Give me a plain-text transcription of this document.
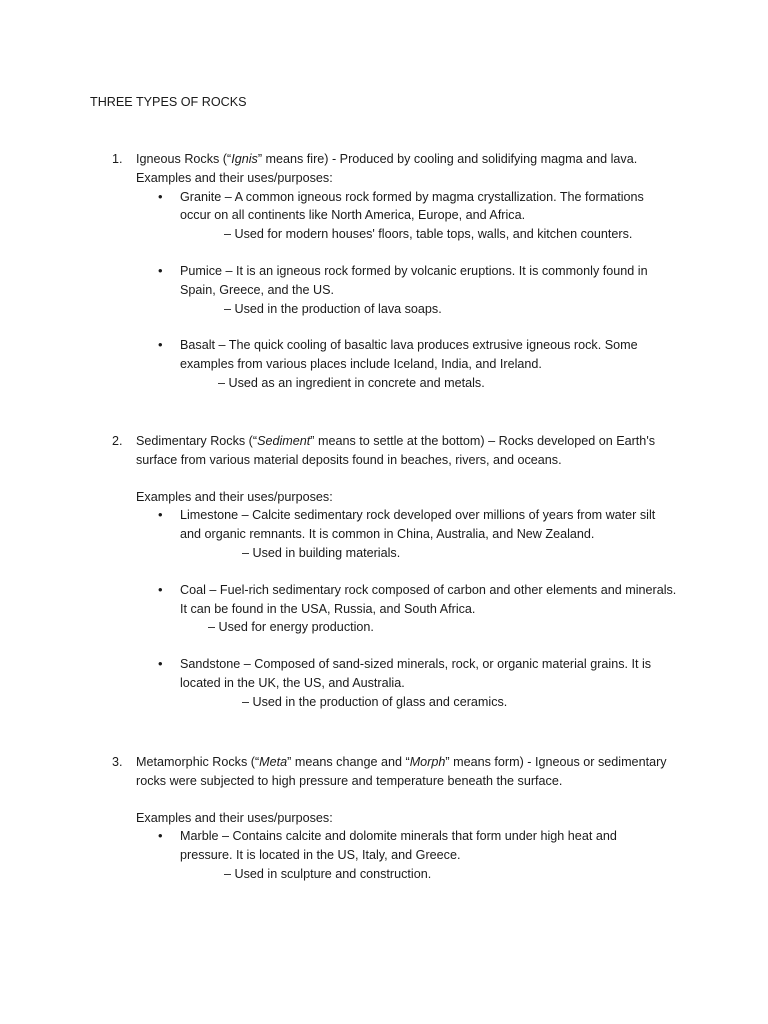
THREE TYPES OF ROCKS
1. Igneous Rocks (“Ignis” means fire) - Produced by cooling and solidifying magma and lava.
Examples and their uses/purposes:
• Granite – A common igneous rock formed by magma crystallization. The formations
occur on all continents like North America, Europe, and Africa.
– Used for modern houses' floors, table tops, walls, and kitchen counters.
• Pumice – It is an igneous rock formed by volcanic eruptions. It is commonly found in
Spain, Greece, and the US.
– Used in the production of lava soaps.
• Basalt – The quick cooling of basaltic lava produces extrusive igneous rock. Some
examples from various places include Iceland, India, and Ireland.
– Used as an ingredient in concrete and metals.
2. Sedimentary Rocks (“Sediment” means to settle at the bottom) – Rocks developed on Earth's
surface from various material deposits found in beaches, rivers, and oceans.
Examples and their uses/purposes:
• Limestone – Calcite sedimentary rock developed over millions of years from water silt
and organic remnants. It is common in China, Australia, and New Zealand.
– Used in building materials.
• Coal – Fuel-rich sedimentary rock composed of carbon and other elements and minerals.
It can be found in the USA, Russia, and South Africa.
– Used for energy production.
• Sandstone – Composed of sand-sized minerals, rock, or organic material grains. It is
located in the UK, the US, and Australia.
– Used in the production of glass and ceramics.
3. Metamorphic Rocks (“Meta” means change and “Morph” means form) - Igneous or sedimentary
rocks were subjected to high pressure and temperature beneath the surface.
Examples and their uses/purposes:
• Marble – Contains calcite and dolomite minerals that form under high heat and
pressure. It is located in the US, Italy, and Greece.
– Used in sculpture and construction.
